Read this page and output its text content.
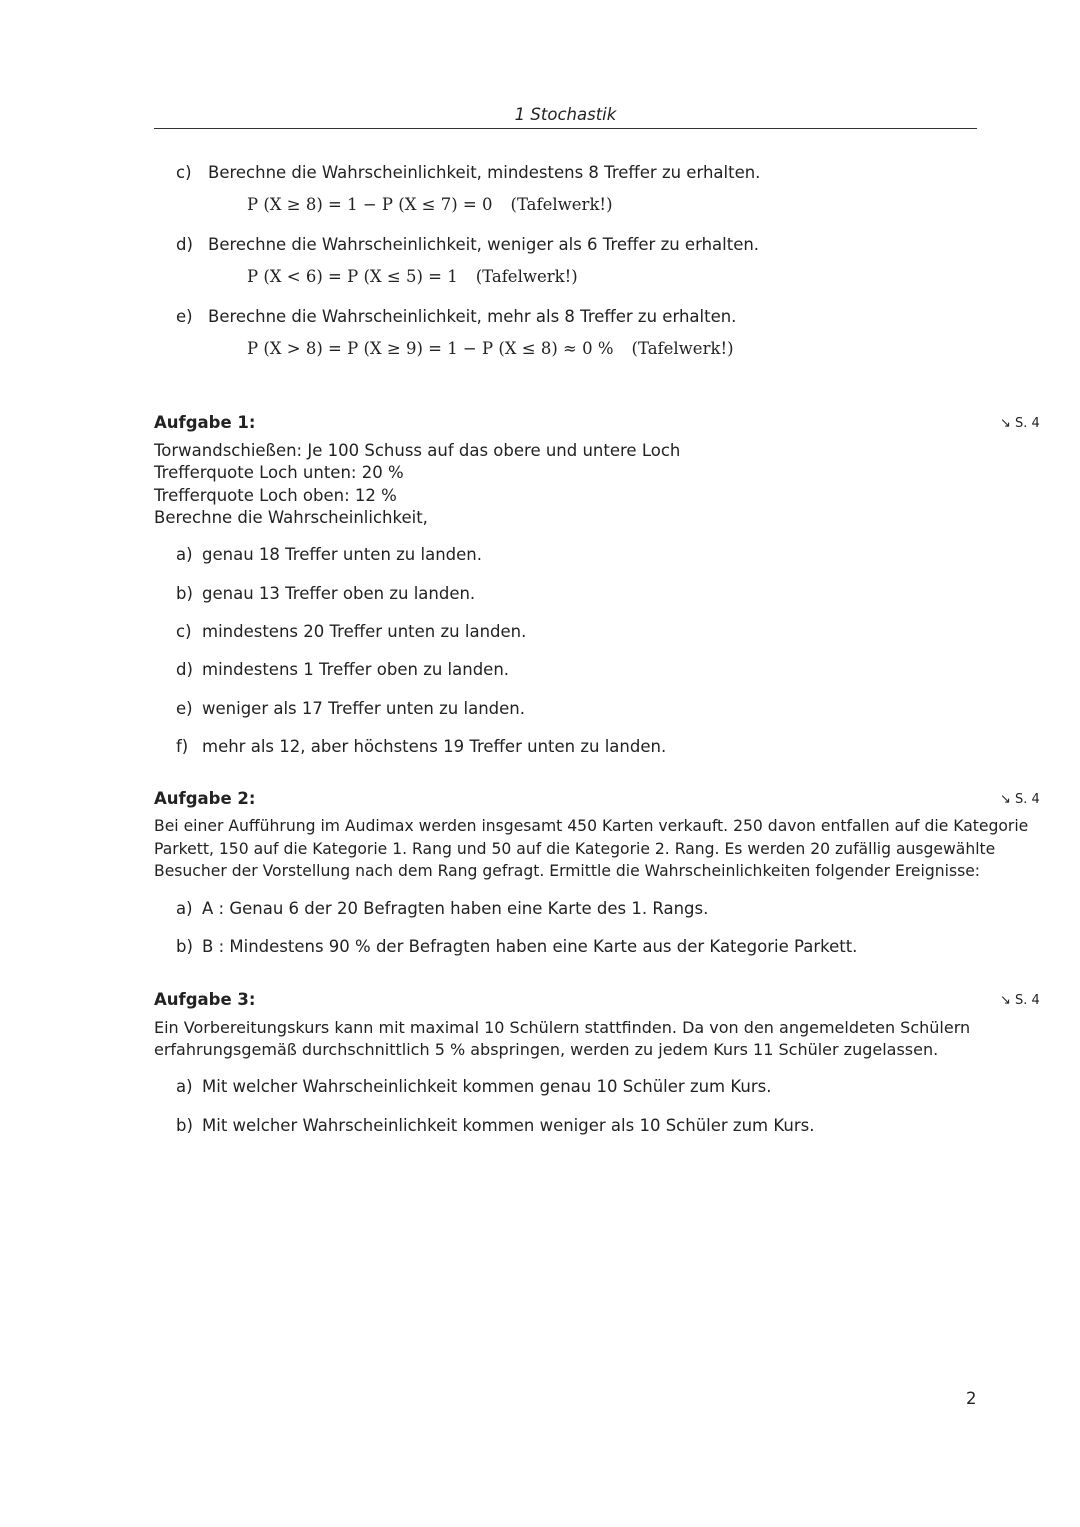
1 Stochastik
c) Berechne die Wahrscheinlichkeit, mindestens 8 Treffer zu erhalten.
P (X ≥ 8) = 1 − P (X ≤ 7) = 0 (Tafelwerk!)
d) Berechne die Wahrscheinlichkeit, weniger als 6 Treffer zu erhalten.
P (X < 6) = P (X ≤ 5) = 1 (Tafelwerk!)
e) Berechne die Wahrscheinlichkeit, mehr als 8 Treffer zu erhalten.
P (X > 8) = P (X ≥ 9) = 1 − P (X ≤ 8) ≈ 0 % (Tafelwerk!)
Aufgabe 1:	↘ S. 4
Torwandschießen: Je 100 Schuss auf das obere und untere Loch
Trefferquote Loch unten: 20 %
Trefferquote Loch oben: 12 %
Berechne die Wahrscheinlichkeit,
a) genau 18 Treffer unten zu landen.
b) genau 13 Treffer oben zu landen.
c) mindestens 20 Treffer unten zu landen.
d) mindestens 1 Treffer oben zu landen.
e) weniger als 17 Treffer unten zu landen.
f) mehr als 12, aber höchstens 19 Treffer unten zu landen.
Aufgabe 2:	↘ S. 4
Bei einer Aufführung im Audimax werden insgesamt 450 Karten verkauft. 250 davon entfallen auf die Kategorie
Parkett, 150 auf die Kategorie 1. Rang und 50 auf die Kategorie 2. Rang. Es werden 20 zufällig ausgewählte
Besucher der Vorstellung nach dem Rang gefragt. Ermittle die Wahrscheinlichkeiten folgender Ereignisse:
a) A : Genau 6 der 20 Befragten haben eine Karte des 1. Rangs.
b) B : Mindestens 90 % der Befragten haben eine Karte aus der Kategorie Parkett.
Aufgabe 3:	↘ S. 4
Ein Vorbereitungskurs kann mit maximal 10 Schülern stattfinden. Da von den angemeldeten Schülern
erfahrungsgemäß durchschnittlich 5 % abspringen, werden zu jedem Kurs 11 Schüler zugelassen.
a) Mit welcher Wahrscheinlichkeit kommen genau 10 Schüler zum Kurs.
b) Mit welcher Wahrscheinlichkeit kommen weniger als 10 Schüler zum Kurs.
2
